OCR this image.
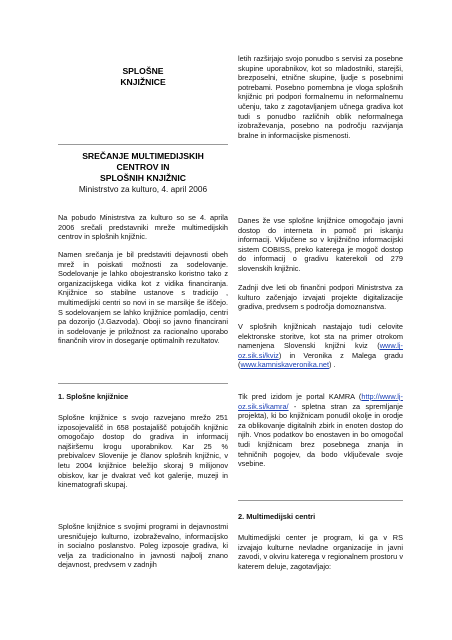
SPLOŠNE
KNJIŽNICE
SREČANJE MULTIMEDIJSKIH
CENTROV IN
SPLOŠNIH KNJIŽNIC
Ministrstvo za kulturo, 4. april 2006

Na pobudo Ministrstva za kulturo so se 4. aprila 2006 srečali predstavniki mreže multimedijskih centrov in splošnih knjižnic.

Namen srečanja je bil predstaviti dejavnosti obeh mrež in poiskati možnosti za sodelovanje. Sodelovanje je lahko obojestransko koristno tako z organizacijskega vidika kot z vidika financiranja. Knjižnice so stabilne ustanove s tradicijo , multimedijski centri so novi in se marsikje še iščejo. S sodelovanjem se lahko knjižnice pomladijo, centri pa dozorijo (J.Gazvoda). Oboji so javno financirani in sodelovanje je priložnost za racionalno uporabo finančnih virov in doseganje optimalnih rezultatov.

1. Splošne knjižnice

Splošne knjižnice s svojo razvejano mrežo 251 izposojevališč in 658 postajališč potujočih knjižnic omogočajo dostop do gradiva in informacij najširšemu krogu uporabnikov. Kar 25 % prebivalcev Slovenije je članov splošnih knjižnic, v letu 2004 knjižnice beležijo skoraj 9 milijonov obiskov, kar je dvakrat več kot galerije, muzeji in kinematografi skupaj.

Splošne knjižnice s svojimi programi in dejavnostmi uresničujejo kulturno, izobraževalno, informacijsko in socialno poslanstvo. Poleg izposoje gradiva, ki velja za tradicionalno in javnosti najbolj znano dejavnost, predvsem v zadnjih

letih razširjajo svojo ponudbo s servisi za posebne skupine uporabnikov, kot so mladostniki, starejši, brezposelni, etnične skupine, ljudje s posebnimi potrebami. Posebno pomembna je vloga splošnih knjižnic pri podpori formalnemu in neformalnemu učenju, tako z zagotavljanjem učnega gradiva kot tudi s ponudbo različnih oblik neformalnega izobraževanja, posebno na področju razvijanja bralne in informacijske pismenosti.

Danes že vse splošne knjižnice omogočajo javni dostop do interneta in pomoč pri iskanju informacij. Vključene so v knjižnično informacijski sistem COBISS, preko katerega je mogoč dostop do informacij o gradivu katerekoli od 279 slovenskih knjižnic.

Zadnji dve leti ob finančni podpori Ministrstva za kulturo začenjajo izvajati projekte digitalizacije gradiva, predvsem s področja domoznanstva.

V splošnih knjižnicah nastajajo tudi celovite elektronske storitve, kot sta na primer otrokom namenjena Slovenski knjižni kviz (www.lj-oz.sik.si/kviz) in Veronika z Malega gradu (www.kamniskaveronika.net) .

Tik pred izidom je portal KAMRA (http://www.lj-oz.sik.si/kamra/ - spletna stran za spremljanje projekta), ki bo knjižnicam ponudil okolje in orodje za oblikovanje digitalnih zbirk in enoten dostop do njih. Vnos podatkov bo enostaven in bo omogočal tudi knjižnicam brez posebnega znanja in tehničnih pogojev, da bodo vključevale svoje vsebine.

2. Multimedijski centri

Multimedijski center je program, ki ga v RS izvajajo kulturne nevladne organizacije in javni zavodi, v okviru katerega v regionalnem prostoru v katerem deluje, zagotavljajo:
